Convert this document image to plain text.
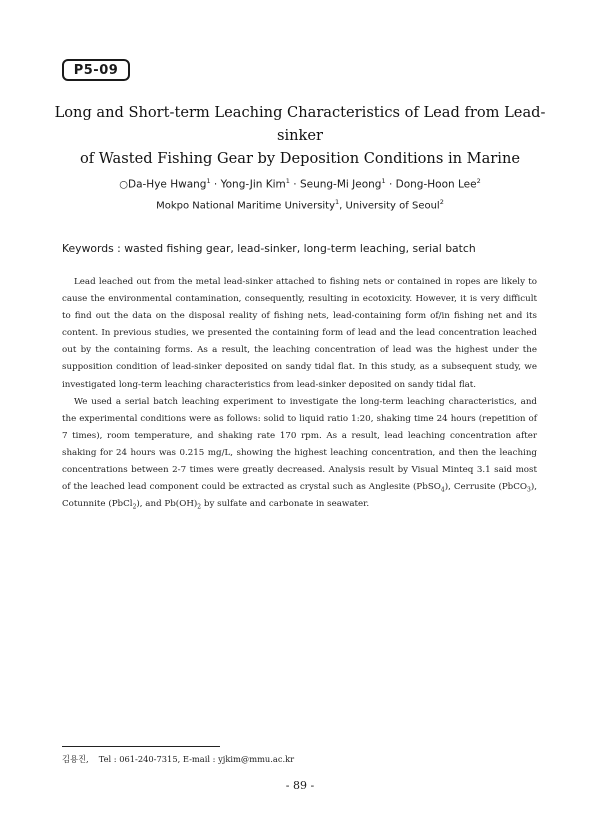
P5-09
Long and Short-term Leaching Characteristics of Lead from Lead-sinker
of Wasted Fishing Gear by Deposition Conditions in Marine
○Da-Hye Hwang$^1$ · Yong-Jin Kim$^1$ · Seung-Mi Jeong$^1$ · Dong-Hoon Lee$^2$
Mokpo National Maritime University$^1$, University of Seoul$^2$
Keywords : wasted fishing gear, lead-sinker, long-term leaching, serial batch

Lead leached out from the metal lead-sinker attached to fishing nets or contained in ropes are likely to cause the environmental contamination, consequently, resulting in ecotoxicity. However, it is very difficult to find out the data on the disposal reality of fishing nets, lead-containing form of/in fishing net and its content. In previous studies, we presented the containing form of lead and the lead concentration leached out by the containing forms. As a result, the leaching concentration of lead was the highest under the supposition condition of lead-sinker deposited on sandy tidal flat. In this study, as a subsequent study, we investigated long-term leaching characteristics from lead-sinker deposited on sandy tidal flat.

We used a serial batch leaching experiment to investigate the long-term leaching characteristics, and the experimental conditions were as follows: solid to liquid ratio 1:20, shaking time 24 hours (repetition of 7 times), room temperature, and shaking rate 170 rpm. As a result, lead leaching concentration after shaking for 24 hours was 0.215 mg/L, showing the highest leaching concentration, and then the leaching concentrations between 2-7 times were greatly decreased. Analysis result by Visual Minteq 3.1 said most of the leached lead component could be extracted as crystal such as Anglesite (PbSO$_4$), Cerrusite (PbCO$_3$), Cotunnite (PbCl$_2$), and $Pb(OH)_2$ by sulfate and carbonate in seawater.

김용진, Tel : 061-240-7315, E-mail : yjkim@mmu.ac.kr
- 89 -
